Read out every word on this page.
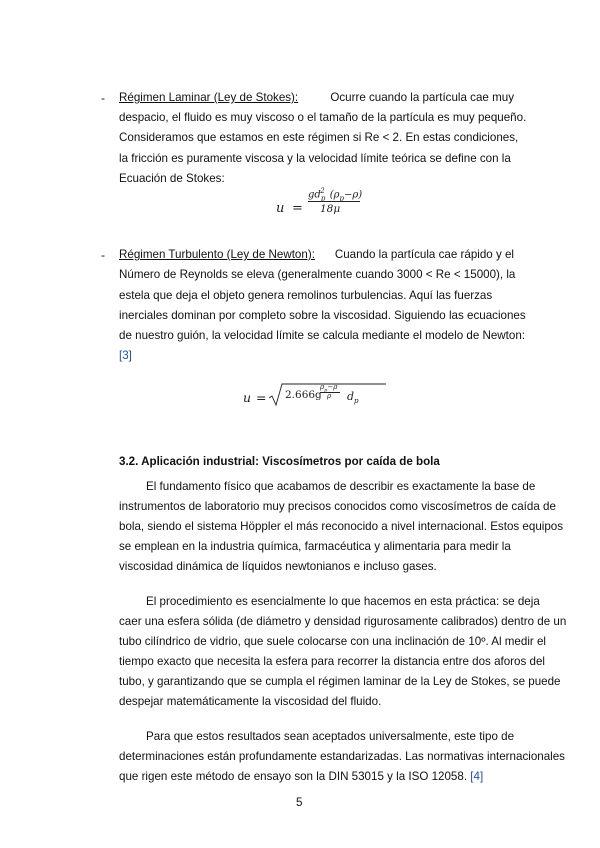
- Régimen Laminar (Ley de Stokes):	Ocurre cuando la partícula cae muy
despacio, el fluido es muy viscoso o el tamaño de la partícula es muy pequeño.
Consideramos que estamos en este régimen si Re < 2. En estas condiciones,
la fricción es puramente viscosa y la velocidad límite teórica se define con la
Ecuación de Stokes:
u =
$gd_p^2$ $(\rho_p-\rho)$
18μ
- Régimen Turbulento (Ley de Newton): Cuando la partícula cae rápido y el
Número de Reynolds se eleva (generalmente cuando 3000 < Re < 15000), la
estela que deja el objeto genera remolinos turbulencias. Aquí las fuerzas
inerciales dominan por completo sobre la viscosidad. Siguiendo las ecuaciones
de nuestro guión, la velocidad límite se calcula mediante el modelo de Newton:
[3]
u = 2.666g
$\rho_p-\rho$
ρ $d_p$
3.2. Aplicación industrial: Viscosímetros por caída de bola
El fundamento físico que acabamos de describir es exactamente la base de
instrumentos de laboratorio muy precisos conocidos como viscosímetros de caída de
bola, siendo el sistema Höppler el más reconocido a nivel internacional. Estos equipos
se emplean en la industria química, farmacéutica y alimentaria para medir la
viscosidad dinámica de líquidos newtonianos e incluso gases.
El procedimiento es esencialmente lo que hacemos en esta práctica: se deja
caer una esfera sólida (de diámetro y densidad rigurosamente calibrados) dentro de un
tubo cilíndrico de vidrio, que suele colocarse con una inclinación de 10º. Al medir el
tiempo exacto que necesita la esfera para recorrer la distancia entre dos aforos del
tubo, y garantizando que se cumpla el régimen laminar de la Ley de Stokes, se puede
despejar matemáticamente la viscosidad del fluido.
Para que estos resultados sean aceptados universalmente, este tipo de
determinaciones están profundamente estandarizadas. Las normativas internacionales
que rigen este método de ensayo son la DIN 53015 y la ISO 12058. [4]
5
